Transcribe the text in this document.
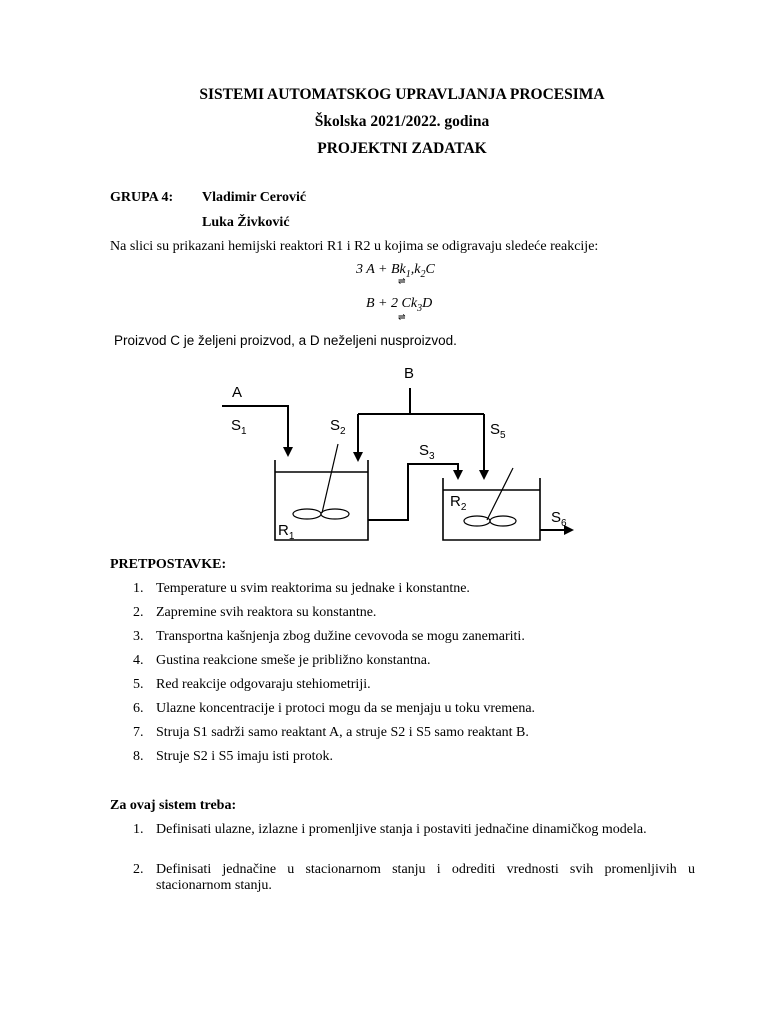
SISTEMI AUTOMATSKOG UPRAVLJANJA PROCESIMA
Školska 2021/2022. godina
PROJEKTNI ZADATAK
GRUPA 4: Vladimir Cerović
Luka Živković
Na slici su prikazani hemijski reaktori R1 i R2 u kojima se odigravaju sledeće reakcije:
3 $A + Bk_1,k_2C$
⇌
B + 2 $Ck_3D$
⇌
Proizvod C je željeni proizvod, a D neželjeni nusproizvod.
A
B
$S_1$	$S_2$	$S_5$
$S_3$
$R_1$
$R_2$
$S_6$
PRETPOSTAVKE:
1. Temperature u svim reaktorima su jednake i konstantne.
2. Zapremine svih reaktora su konstantne.
3. Transportna kašnjenja zbog dužine cevovoda se mogu zanemariti.
4. Gustina reakcione smeše je približno konstantna.
5. Red reakcije odgovaraju stehiometriji.
6. Ulazne koncentracije i protoci mogu da se menjaju u toku vremena.
7. Struja S1 sadrži samo reaktant A, a struje S2 i S5 samo reaktant B.
8. Struje S2 i S5 imaju isti protok.
Za ovaj sistem treba:
1. Definisati ulazne, izlazne i promenljive stanja i postaviti jednačine dinamičkog modela.
2. Definisati jednačine u stacionarnom stanju i odrediti vrednosti svih promenljivih u stacionarnom stanju.
